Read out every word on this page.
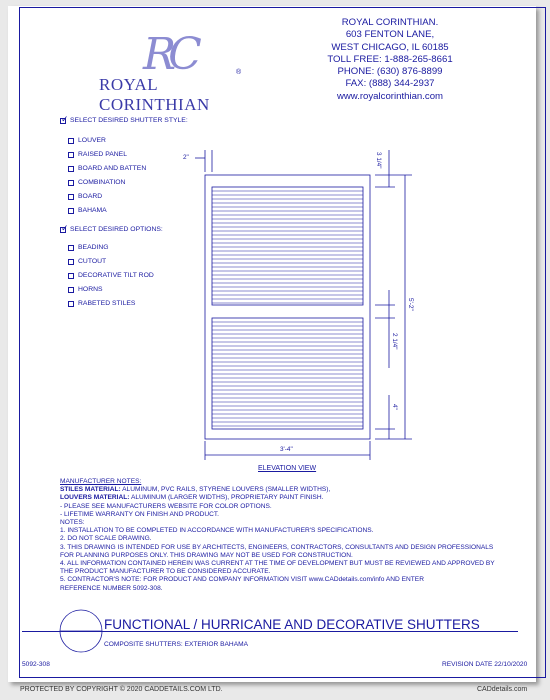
RC
ROYAL CORINTHIAN
®
ROYAL CORINTHIAN.
603 FENTON LANE,
WEST CHICAGO, IL 60185
TOLL FREE: 1-888-265-8661
PHONE: (630) 876-8899
FAX: (888) 344-2937
www.royalcorinthian.com
✓
SELECT DESIRED SHUTTER STYLE:
LOUVER
RAISED PANEL
BOARD AND BATTEN
COMBINATION
BOARD
BAHAMA
✓
SELECT DESIRED OPTIONS:
BEADING
CUTOUT
DECORATIVE TILT ROD
HORNS
RABETED STILES
2"	3 1/4"
5'-2"
2 1/4"
4"
3'-4"
ELEVATION VIEW
MANUFACTURER NOTES:
STILES MATERIAL: ALUMINUM, PVC RAILS, STYRENE LOUVERS (SMALLER WIDTHS),
LOUVERS MATERIAL: ALUMINUM (LARGER WIDTHS), PROPRIETARY PAINT FINISH.
- PLEASE SEE MANUFACTURERS WEBSITE FOR COLOR OPTIONS.
- LIFETIME WARRANTY ON FINISH AND PRODUCT.
NOTES:
1. INSTALLATION TO BE COMPLETED IN ACCORDANCE WITH MANUFACTURER'S SPECIFICATIONS.
2. DO NOT SCALE DRAWING.
3. THIS DRAWING IS INTENDED FOR USE BY ARCHITECTS, ENGINEERS, CONTRACTORS, CONSULTANTS AND DESIGN PROFESSIONALS
FOR PLANNING PURPOSES ONLY. THIS DRAWING MAY NOT BE USED FOR CONSTRUCTION.
4. ALL INFORMATION CONTAINED HEREIN WAS CURRENT AT THE TIME OF DEVELOPMENT BUT MUST BE REVIEWED AND APPROVED BY
THE PRODUCT MANUFACTURER TO BE CONSIDERED ACCURATE.
5. CONTRACTOR'S NOTE: FOR PRODUCT AND COMPANY INFORMATION VISIT www.CADdetails.com/info AND ENTER
REFERENCE NUMBER 5092-308.
FUNCTIONAL / HURRICANE AND DECORATIVE SHUTTERS
COMPOSITE SHUTTERS: EXTERIOR BAHAMA
5092-308	REVISION DATE 22/10/2020
PROTECTED BY COPYRIGHT © 2020 CADDETAILS.COM LTD.	CADdetails.com
